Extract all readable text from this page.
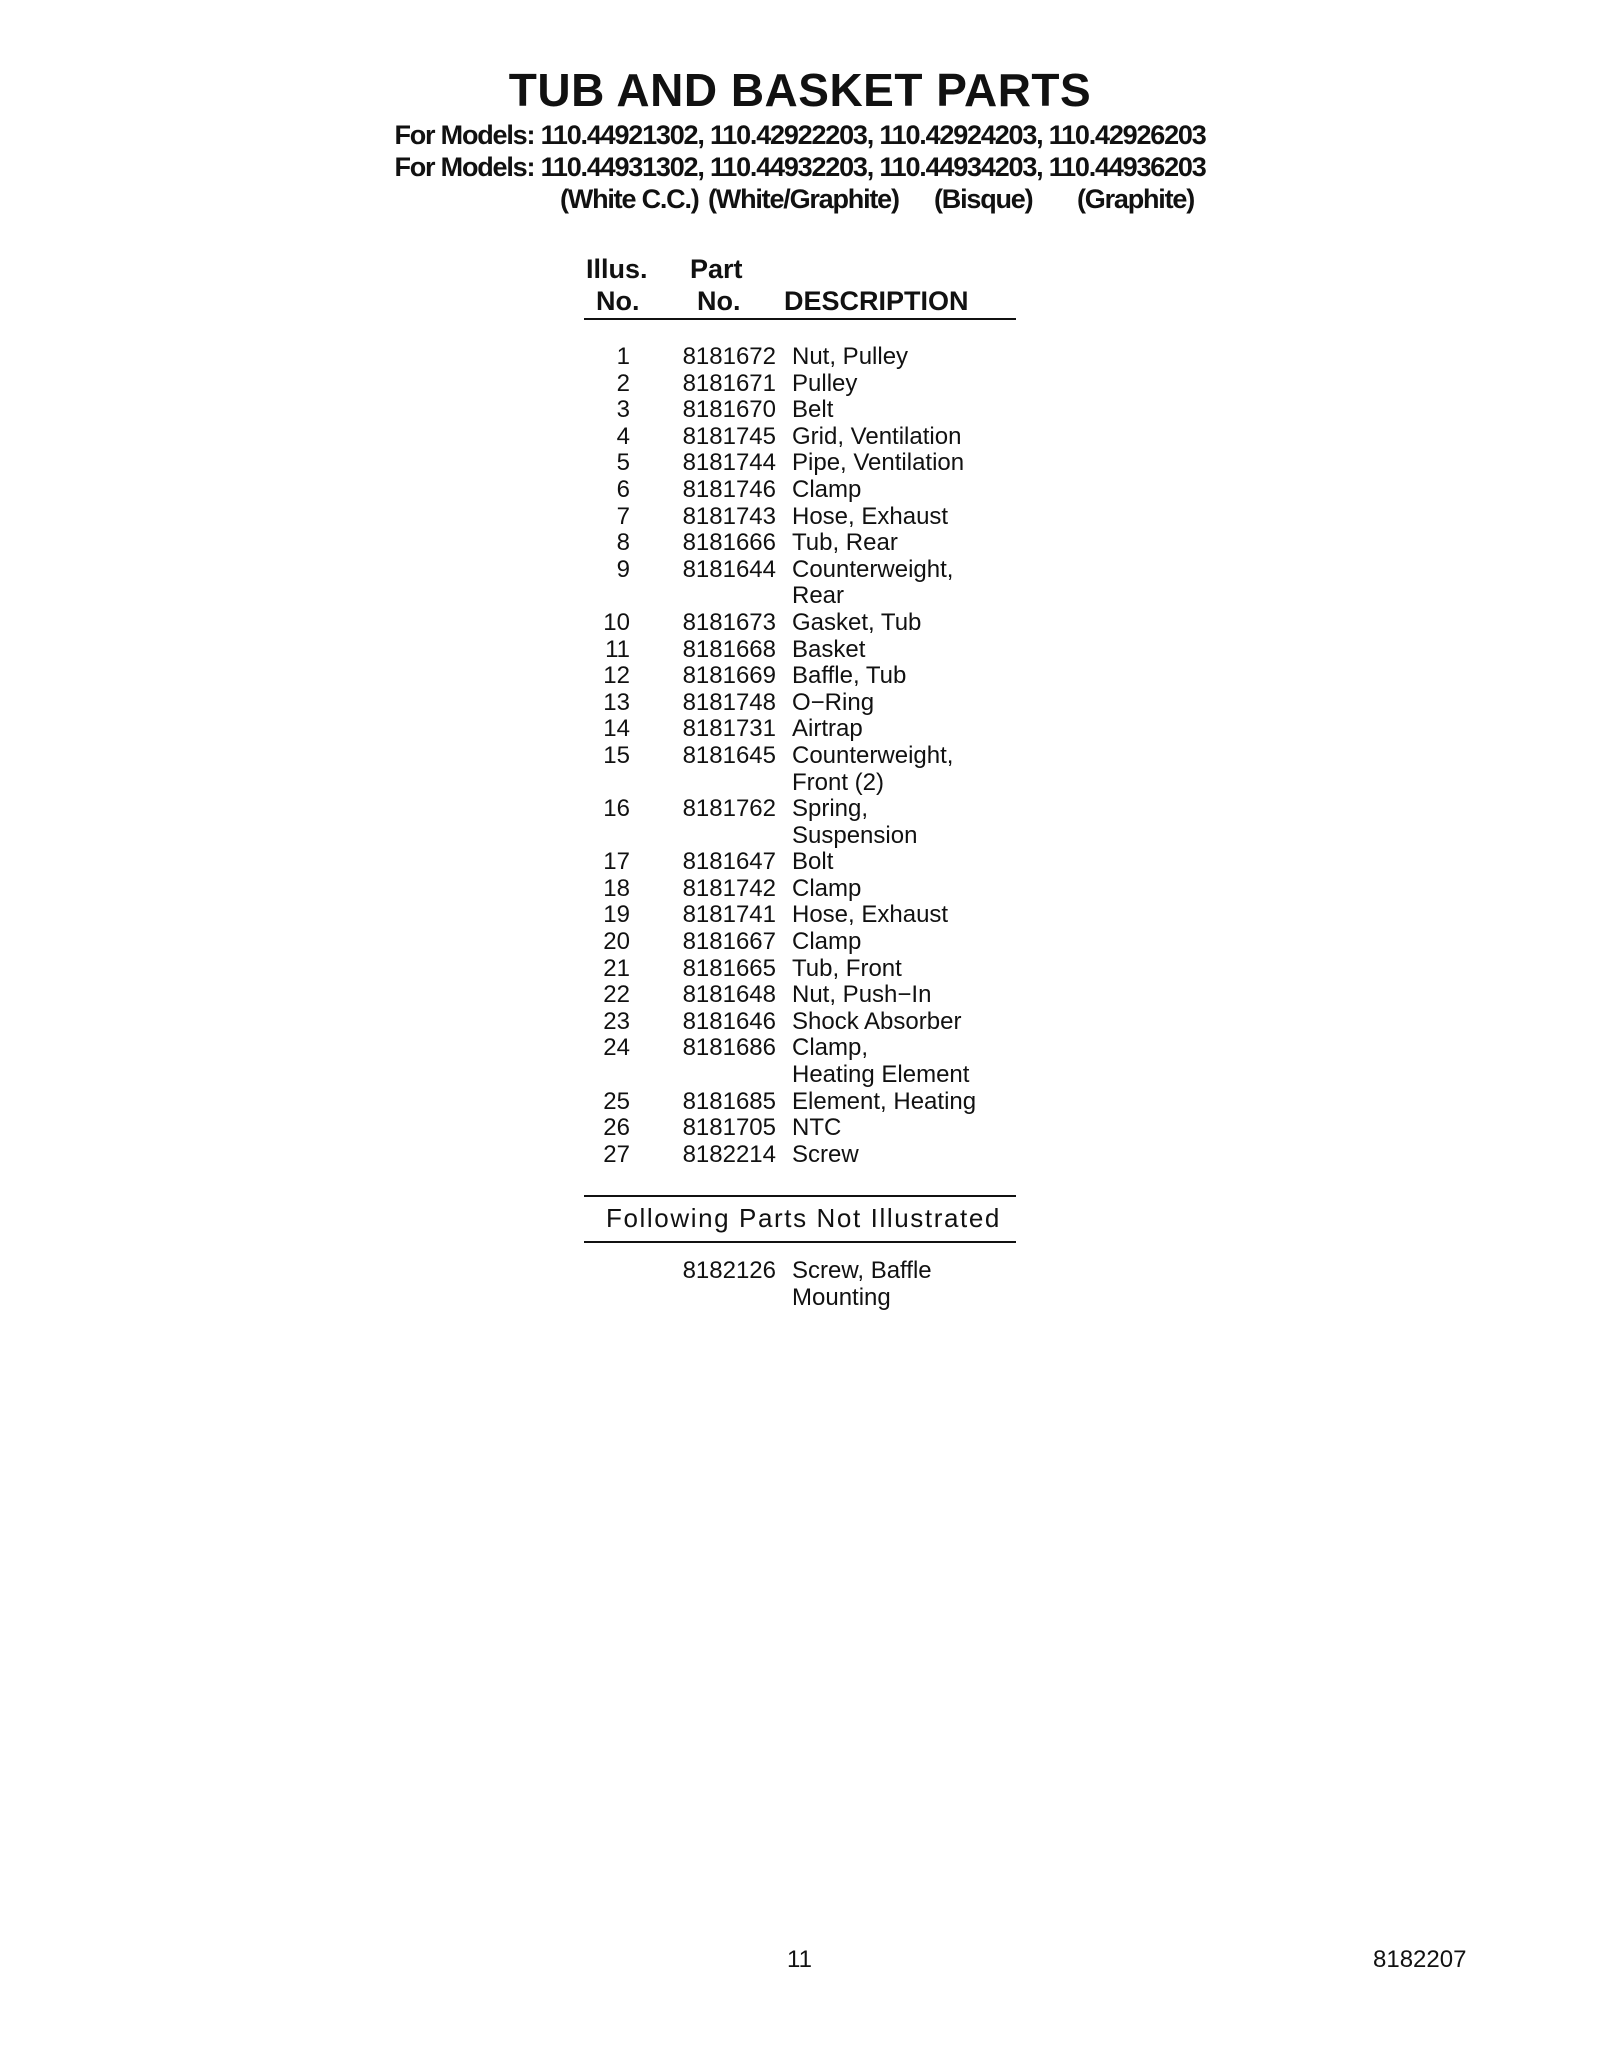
TUB AND BASKET PARTS
For Models: 110.44921302, 110.42922203, 110.42924203, 110.42926203
For Models: 110.44931302, 110.44932203, 110.44934203, 110.44936203
(White C.C.) (White/Graphite) (Bisque) (Graphite)
Illus.
No.
Part
No. DESCRIPTION
1	8181672 Nut, Pulley
2	8181671 Pulley
3	8181670 Belt
4	8181745 Grid, Ventilation
5	8181744 Pipe, Ventilation
6	8181746 Clamp
7	8181743 Hose, Exhaust
8	8181666 Tub, Rear
9	8181644 Counterweight,
Rear
10	8181673 Gasket, Tub
11	8181668 Basket
12	8181669 Baffle, Tub
13	8181748 O−Ring
14	8181731 Airtrap
15	8181645 Counterweight,
Front (2)
16	8181762 Spring,
Suspension
17	8181647 Bolt
18	8181742 Clamp
19	8181741 Hose, Exhaust
20	8181667 Clamp
21	8181665 Tub, Front
22	8181648 Nut, Push−In
23	8181646 Shock Absorber
24	8181686 Clamp,
Heating Element
25	8181685 Element, Heating
26	8181705 NTC
27	8182214 Screw
Following Parts Not Illustrated
8182126 Screw, Baffle
Mounting
11	8182207
